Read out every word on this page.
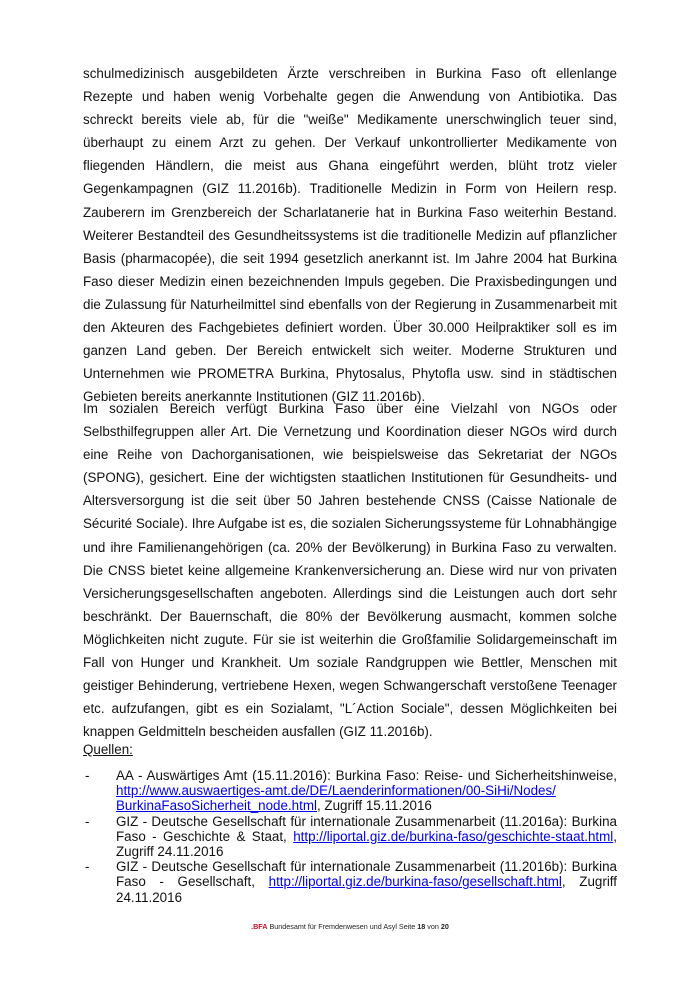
schulmedizinisch ausgebildeten Ärzte verschreiben in Burkina Faso oft ellenlange Rezepte und haben wenig Vorbehalte gegen die Anwendung von Antibiotika. Das schreckt bereits viele ab, für die "weiße" Medikamente unerschwinglich teuer sind, überhaupt zu einem Arzt zu gehen. Der Verkauf unkontrollierter Medikamente von fliegenden Händlern, die meist aus Ghana eingeführt werden, blüht trotz vieler Gegenkampagnen (GIZ 11.2016b). Traditionelle Medizin in Form von Heilern resp. Zauberern im Grenzbereich der Scharlatanerie hat in Burkina Faso weiterhin Bestand. Weiterer Bestandteil des Gesundheitssystems ist die traditionelle Medizin auf pflanzlicher Basis (pharmacopée), die seit 1994 gesetzlich anerkannt ist. Im Jahre 2004 hat Burkina Faso dieser Medizin einen bezeichnenden Impuls gegeben. Die Praxisbedingungen und die Zulassung für Naturheilmittel sind ebenfalls von der Regierung in Zusammenarbeit mit den Akteuren des Fachgebietes definiert worden. Über 30.000 Heilpraktiker soll es im ganzen Land geben. Der Bereich entwickelt sich weiter. Moderne Strukturen und Unternehmen wie PROMETRA Burkina, Phytosalus, Phytofla usw. sind in städtischen Gebieten bereits anerkannte Institutionen (GIZ 11.2016b).

Im sozialen Bereich verfügt Burkina Faso über eine Vielzahl von NGOs oder Selbsthilfegruppen aller Art. Die Vernetzung und Koordination dieser NGOs wird durch eine Reihe von Dachorganisationen, wie beispielsweise das Sekretariat der NGOs (SPONG), gesichert. Eine der wichtigsten staatlichen Institutionen für Gesundheits- und Altersversorgung ist die seit über 50 Jahren bestehende CNSS (Caisse Nationale de Sécurité Sociale). Ihre Aufgabe ist es, die sozialen Sicherungssysteme für Lohnabhängige und ihre Familienangehörigen (ca. 20% der Bevölkerung) in Burkina Faso zu verwalten. Die CNSS bietet keine allgemeine Krankenversicherung an. Diese wird nur von privaten Versicherungsgesellschaften angeboten. Allerdings sind die Leistungen auch dort sehr beschränkt. Der Bauernschaft, die 80% der Bevölkerung ausmacht, kommen solche Möglichkeiten nicht zugute. Für sie ist weiterhin die Großfamilie Solidargemeinschaft im Fall von Hunger und Krankheit. Um soziale Randgruppen wie Bettler, Menschen mit geistiger Behinderung, vertriebene Hexen, wegen Schwangerschaft verstoßene Teenager etc. aufzufangen, gibt es ein Sozialamt, "L´Action Sociale", dessen Möglichkeiten bei knappen Geldmitteln bescheiden ausfallen (GIZ 11.2016b).

Quellen:
- AA - Auswärtiges Amt (15.11.2016): Burkina Faso: Reise- und Sicherheitshinweise, http://www.auswaertiges-amt.de/DE/Laenderinformationen/00-SiHi/Nodes/ BurkinaFasoSicherheit_node.html, Zugriff 15.11.2016
- GIZ - Deutsche Gesellschaft für internationale Zusammenarbeit (11.2016a): Burkina Faso - Geschichte & Staat, http://liportal.giz.de/burkina-faso/geschichte-staat.html, Zugriff 24.11.2016
- GIZ - Deutsche Gesellschaft für internationale Zusammenarbeit (11.2016b): Burkina Faso - Gesellschaft, http://liportal.giz.de/burkina-faso/gesellschaft.html, Zugriff 24.11.2016
.BFA Bundesamt für Fremdenwesen und Asyl Seite 18 von 20
